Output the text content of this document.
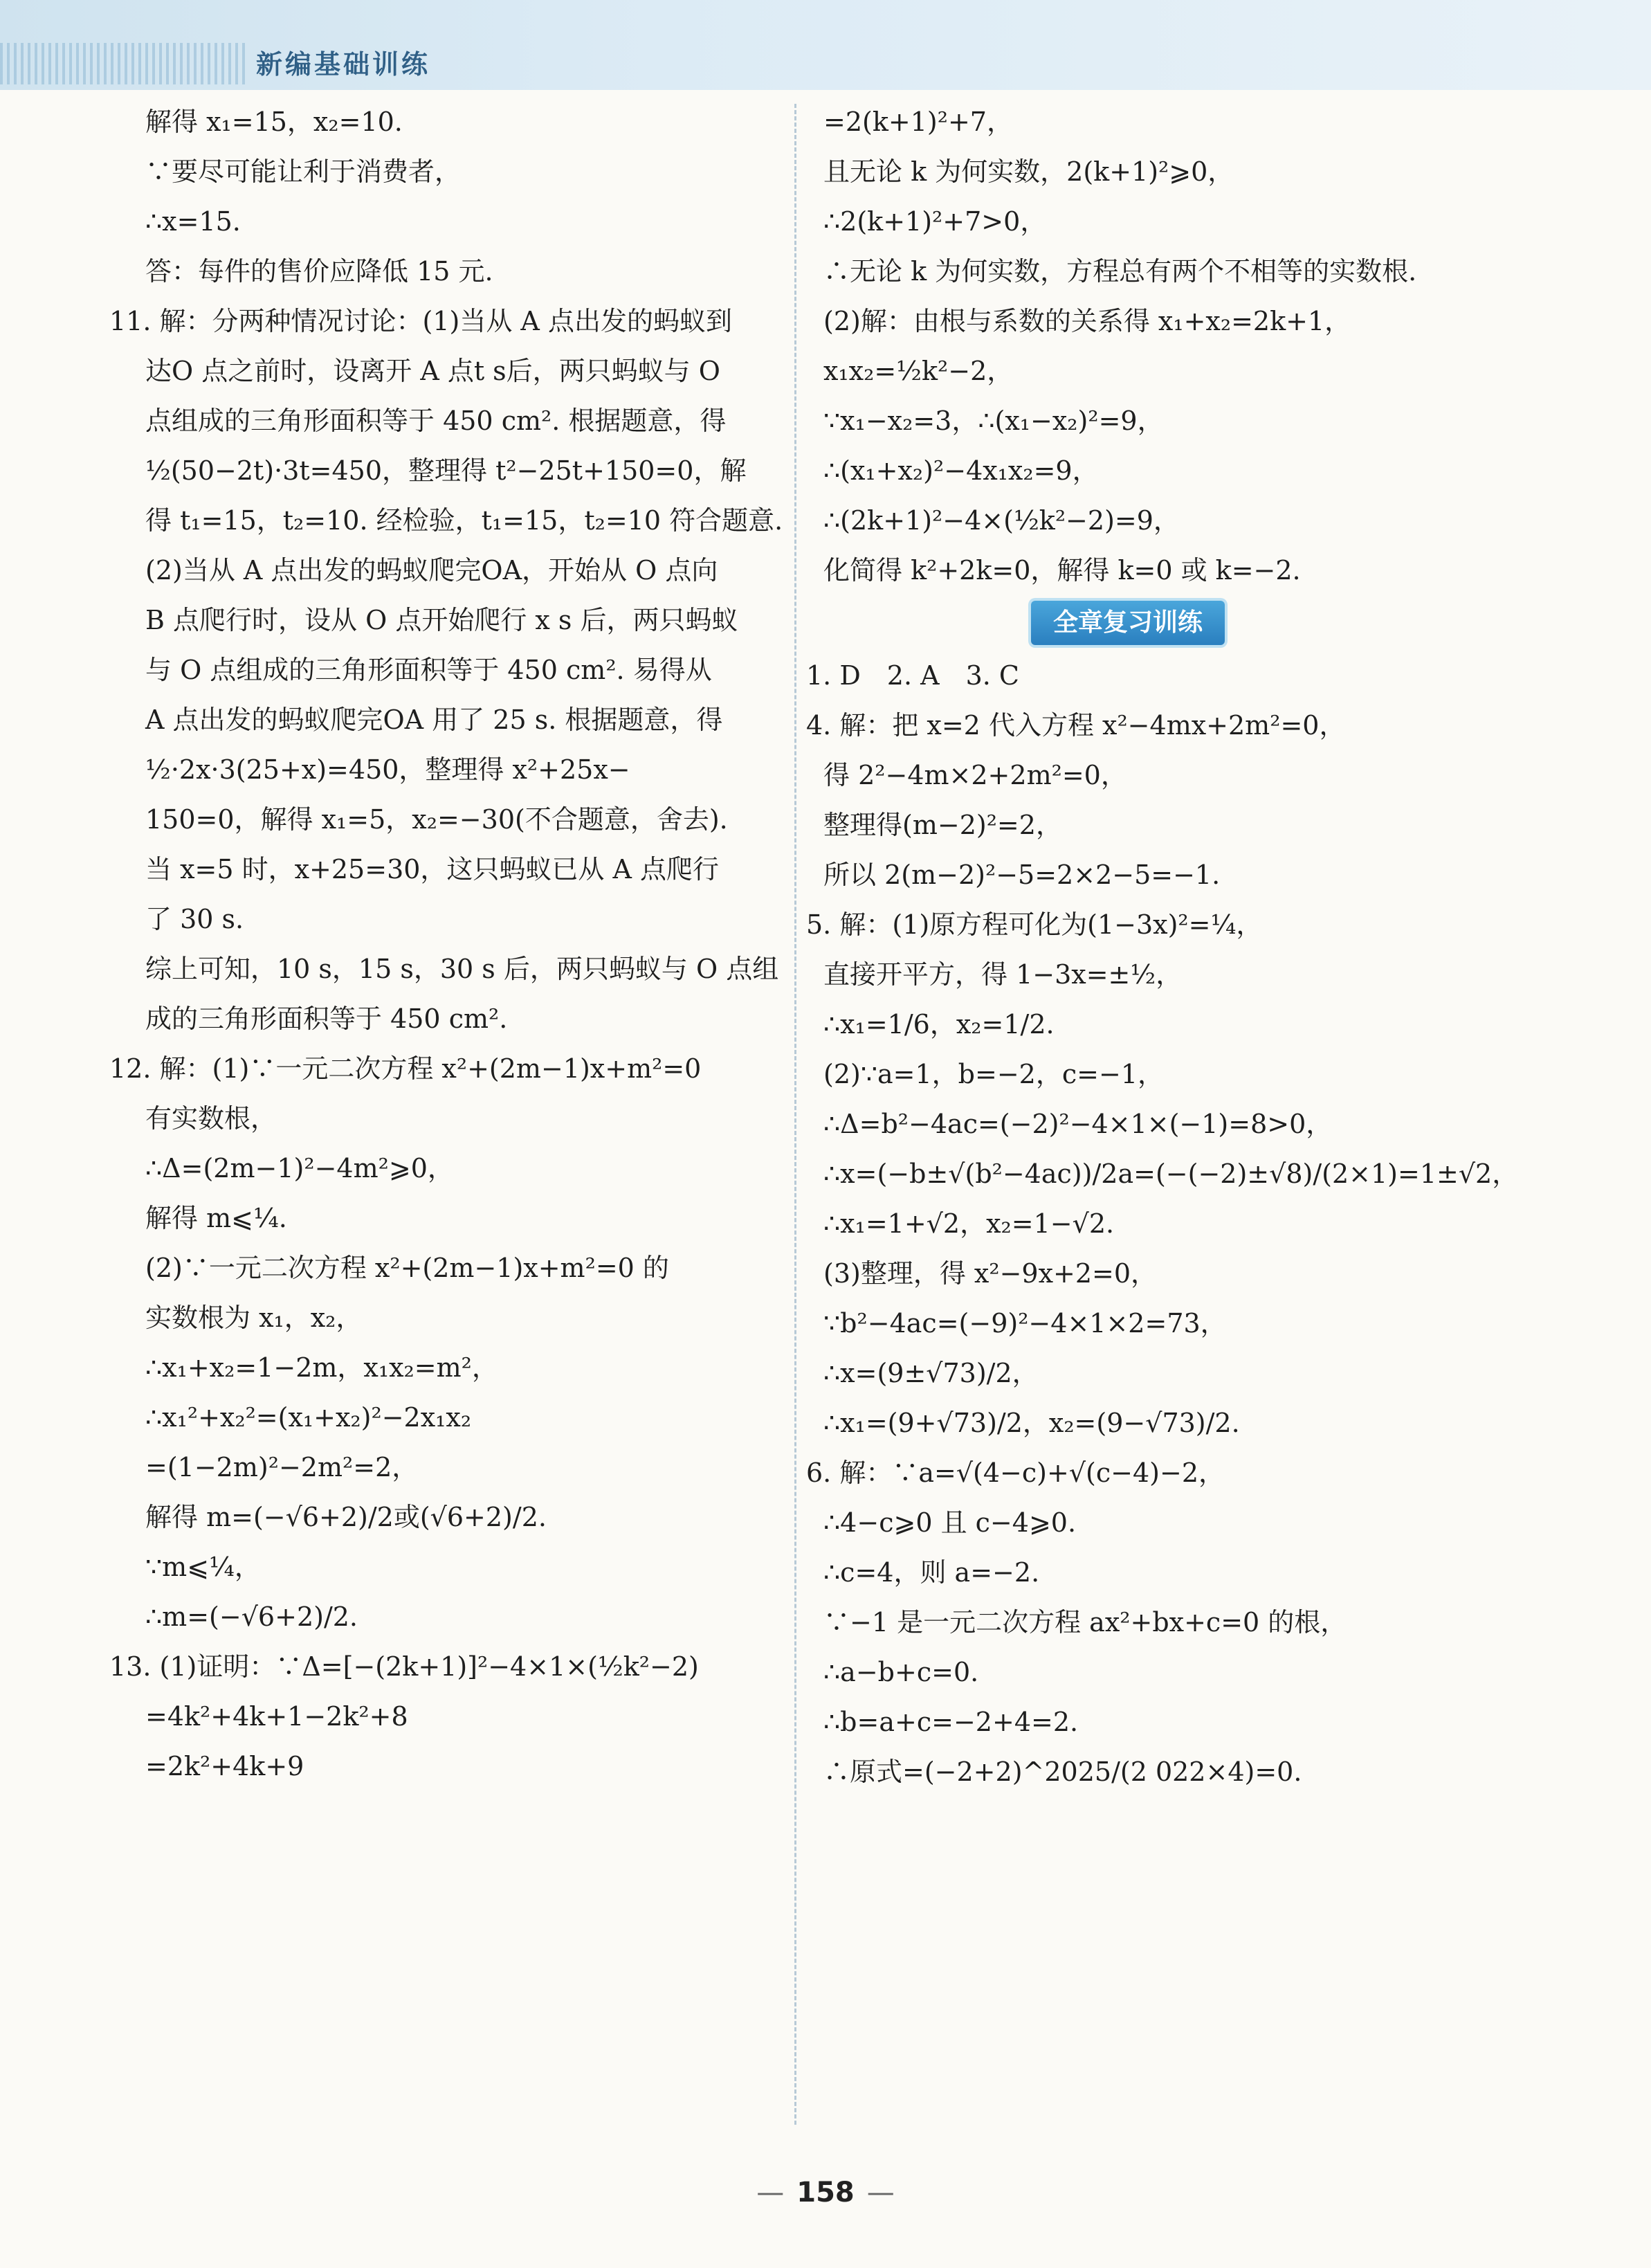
新编基础训练
解得 x₁=15，x₂=10.
∵要尽可能让利于消费者，
∴x=15.
答：每件的售价应降低 15 元.
11. 解：分两种情况讨论：(1)当从 A 点出发的蚂蚁到
达O 点之前时，设离开 A 点t s后，两只蚂蚁与 O
点组成的三角形面积等于 450 cm². 根据题意，得
½(50−2t)·3t=450，整理得 t²−25t+150=0，解
得 t₁=15，t₂=10. 经检验，t₁=15，t₂=10 符合题意.
(2)当从 A 点出发的蚂蚁爬完OA，开始从 O 点向
B 点爬行时，设从 O 点开始爬行 x s 后，两只蚂蚁
与 O 点组成的三角形面积等于 450 cm². 易得从
A 点出发的蚂蚁爬完OA 用了 25 s. 根据题意，得
½·2x·3(25+x)=450，整理得 x²+25x−
150=0，解得 x₁=5，x₂=−30(不合题意，舍去).
当 x=5 时，x+25=30，这只蚂蚁已从 A 点爬行
了 30 s.
综上可知，10 s，15 s，30 s 后，两只蚂蚁与 O 点组
成的三角形面积等于 450 cm².
12. 解：(1)∵一元二次方程 x²+(2m−1)x+m²=0
有实数根，
∴Δ=(2m−1)²−4m²⩾0，
解得 m⩽¼.
(2)∵一元二次方程 x²+(2m−1)x+m²=0 的
实数根为 x₁，x₂，
∴x₁+x₂=1−2m，x₁x₂=m²，
∴x₁²+x₂²=(x₁+x₂)²−2x₁x₂
=(1−2m)²−2m²=2，
解得 m=(−√6+2)/2或(√6+2)/2.
∵m⩽¼，
∴m=(−√6+2)/2.
13. (1)证明：∵Δ=[−(2k+1)]²−4×1×(½k²−2)
=4k²+4k+1−2k²+8
=2k²+4k+9
=2(k+1)²+7，
且无论 k 为何实数，2(k+1)²⩾0，
∴2(k+1)²+7>0，
∴无论 k 为何实数，方程总有两个不相等的实数根.
(2)解：由根与系数的关系得 x₁+x₂=2k+1，
x₁x₂=½k²−2，
∵x₁−x₂=3，∴(x₁−x₂)²=9，
∴(x₁+x₂)²−4x₁x₂=9，
∴(2k+1)²−4×(½k²−2)=9，
化简得 k²+2k=0，解得 k=0 或 k=−2.
全章复习训练
1. D　2. A　3. C
4. 解：把 x=2 代入方程 x²−4mx+2m²=0，
得 2²−4m×2+2m²=0，
整理得(m−2)²=2，
所以 2(m−2)²−5=2×2−5=−1.
5. 解：(1)原方程可化为(1−3x)²=¼，
直接开平方，得 1−3x=±½，
∴x₁=1/6，x₂=1/2.
(2)∵a=1，b=−2，c=−1，
∴Δ=b²−4ac=(−2)²−4×1×(−1)=8>0，
∴x=(−b±√(b²−4ac))/2a=(−(−2)±√8)/(2×1)=1±√2，
∴x₁=1+√2，x₂=1−√2.
(3)整理，得 x²−9x+2=0，
∵b²−4ac=(−9)²−4×1×2=73，
∴x=(9±√73)/2，
∴x₁=(9+√73)/2，x₂=(9−√73)/2.
6. 解：∵a=√(4−c)+√(c−4)−2，
∴4−c⩾0 且 c−4⩾0.
∴c=4，则 a=−2.
∵−1 是一元二次方程 ax²+bx+c=0 的根，
∴a−b+c=0.
∴b=a+c=−2+4=2.
∴原式=(−2+2)^2025/(2 022×4)=0.
— 158 —
